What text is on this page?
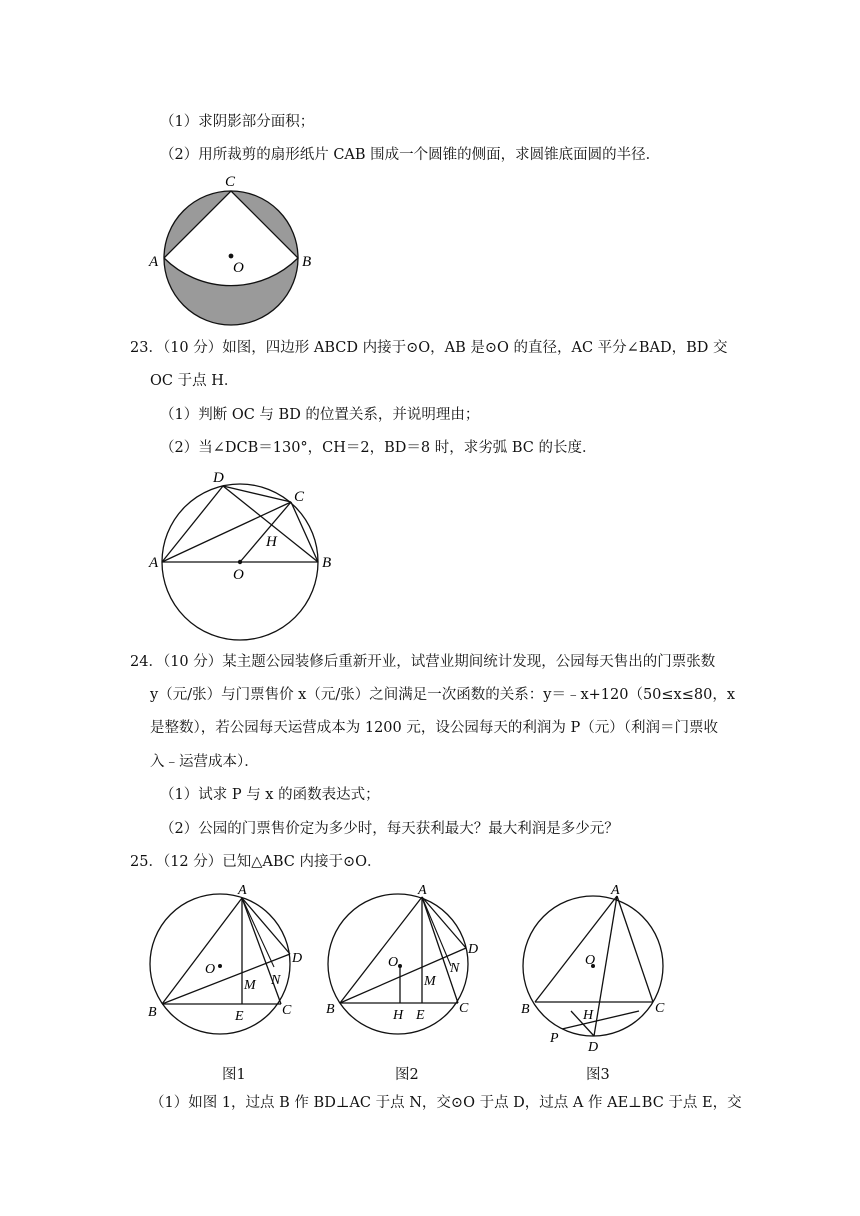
（1）求阴影部分面积；
（2）用所裁剪的扇形纸片 CAB 围成一个圆锥的侧面，求圆锥底面圆的半径．
C
A	B
O
23．（10 分）如图，四边形 ABCD 内接于⊙O，AB 是⊙O 的直径，AC 平分∠BAD，BD 交
OC 于点 H．
（1）判断 OC 与 BD 的位置关系，并说明理由；
（2）当∠DCB＝130°，CH＝2，BD＝8 时，求劣弧 BC 的长度．
D
C
A	B
H
O
24．（10 分）某主题公园装修后重新开业，试营业期间统计发现，公园每天售出的门票张数
y（元/张）与门票售价 x（元/张）之间满足一次函数的关系：y＝﹣x+120（50≤x≤80，x
是整数），若公园每天运营成本为 1200 元，设公园每天的利润为 P（元）（利润＝门票收
入﹣运营成本）．
（1）试求 P 与 x 的函数表达式；
（2）公园的门票售价定为多少时，每天获利最大？最大利润是多少元？
25．（12 分）已知△ABC 内接于⊙O．
A
B	C
D
E
M N
O
A
B	C
D
E
H
M
N
O
A
B	C
D
H
P
O
图1	图2	图3
（1）如图 1，过点 B 作 BD⊥AC 于点 N，交⊙O 于点 D，过点 A 作 AE⊥BC 于点 E，交
